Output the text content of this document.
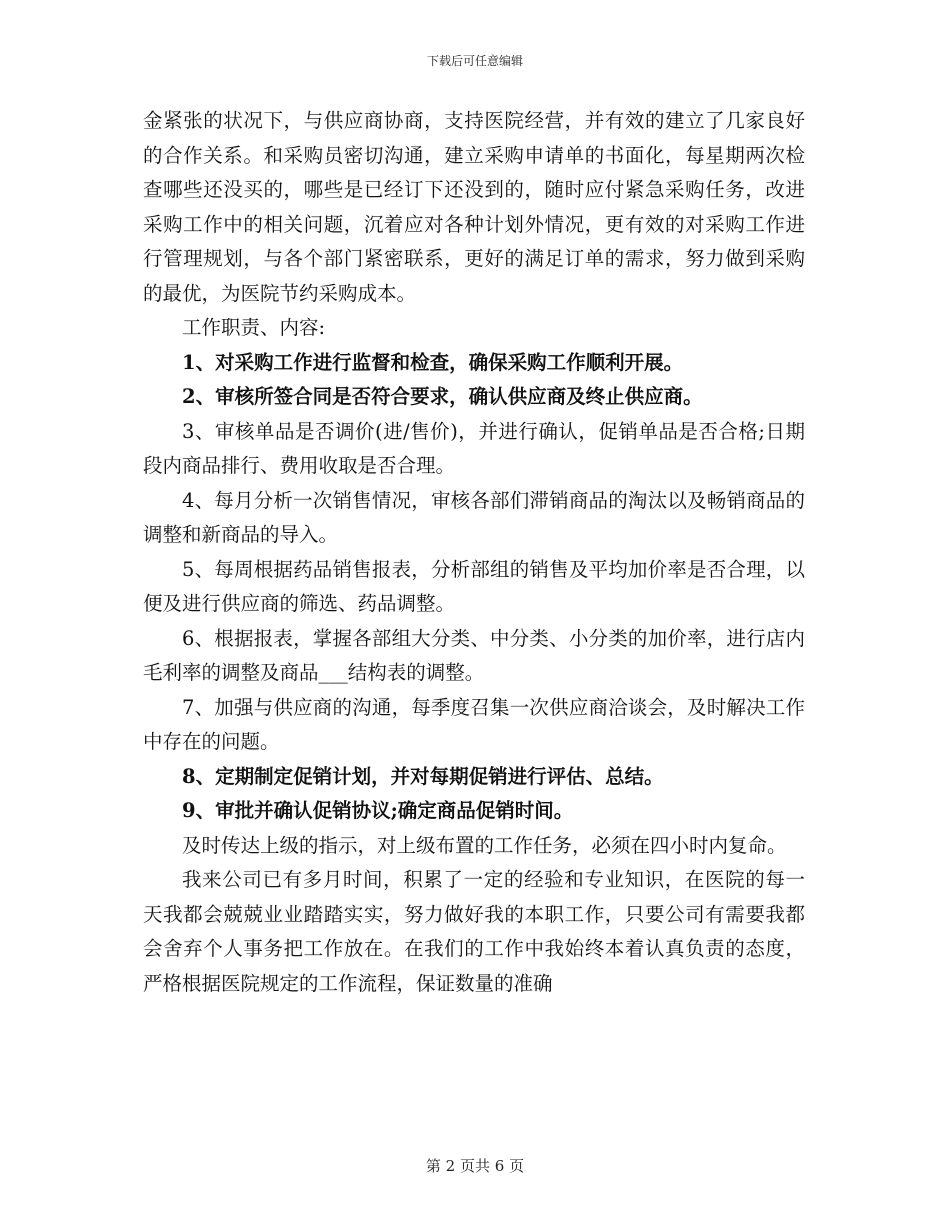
下载后可任意编辑

金紧张的状况下，与供应商协商，支持医院经营，并有效的建立了几家良好的合作关系。和采购员密切沟通，建立采购申请单的书面化，每星期两次检查哪些还没买的，哪些是已经订下还没到的，随时应付紧急采购任务，改进采购工作中的相关问题，沉着应对各种计划外情况，更有效的对采购工作进行管理规划，与各个部门紧密联系，更好的满足订单的需求，努力做到采购的最优，为医院节约采购成本。

工作职责、内容:

1、对采购工作进行监督和检查，确保采购工作顺利开展。

2、审核所签合同是否符合要求，确认供应商及终止供应商。

3、审核单品是否调价(进/售价)，并进行确认，促销单品是否合格;日期段内商品排行、费用收取是否合理。

4、每月分析一次销售情况，审核各部们滞销商品的淘汰以及畅销商品的调整和新商品的导入。

5、每周根据药品销售报表，分析部组的销售及平均加价率是否合理，以便及进行供应商的筛选、药品调整。

6、根据报表，掌握各部组大分类、中分类、小分类的加价率，进行店内毛利率的调整及商品___结构表的调整。

7、加强与供应商的沟通，每季度召集一次供应商洽谈会，及时解决工作中存在的问题。

8、定期制定促销计划，并对每期促销进行评估、总结。

9、审批并确认促销协议;确定商品促销时间。

及时传达上级的指示，对上级布置的工作任务，必须在四小时内复命。

我来公司已有多月时间，积累了一定的经验和专业知识，在医院的每一天我都会兢兢业业踏踏实实，努力做好我的本职工作，只要公司有需要我都会舍弃个人事务把工作放在。在我们的工作中我始终本着认真负责的态度，严格根据医院规定的工作流程，保证数量的准确

第 2 页共 6 页
